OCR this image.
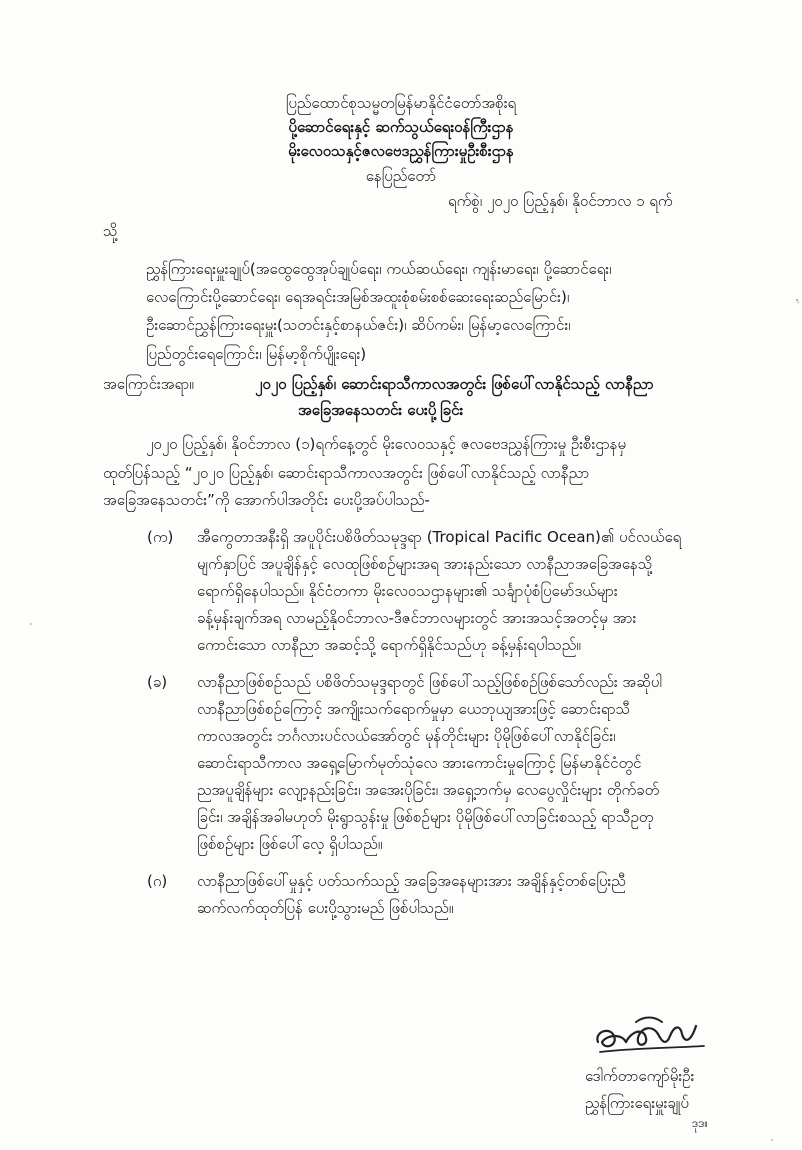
ပြည်ထောင်စုသမ္မတမြန်မာနိုင်ငံတော်အစိုးရ
ပို့ဆောင်ရေးနှင့် ဆက်သွယ်ရေးဝန်ကြီးဌာန
မိုးလေဝသနှင့်ဇလဗေဒညွှန်ကြားမှုဦးစီးဌာန
နေပြည်တော်
ရက်စွဲ၊ ၂၀၂၀ ပြည့်နှစ်၊ နိုဝင်ဘာလ ၁ ရက်
သို့
ညွှန်ကြားရေးမှူးချုပ်(အထွေထွေအုပ်ချုပ်ရေး၊ ကယ်ဆယ်ရေး၊ ကျန်းမာရေး၊ ပို့ဆောင်ရေး၊
လေကြောင်းပို့ဆောင်ရေး၊ ရေအရင်းအမြစ်အထူးစုံစမ်းစစ်ဆေးရေးဆည်မြောင်း)၊
ဦးဆောင်ညွှန်ကြားရေးမှူး(သတင်းနှင့်စာနယ်ဇင်း)၊ ဆိပ်ကမ်း၊ မြန်မာ့လေကြောင်း၊
ပြည်တွင်းရေကြောင်း၊ မြန်မာ့စိုက်ပျိုးရေး)
အကြောင်းအရာ။	၂၀၂၀ ပြည့်နှစ်၊ ဆောင်းရာသီကာလအတွင်း ဖြစ်ပေါ်လာနိုင်သည့် လာနီညာ
အခြေအနေသတင်း ပေးပို့ခြင်း
၂၀၂၀ ပြည့်နှစ်၊ နိုဝင်ဘာလ (၁)ရက်နေ့တွင် မိုးလေဝသနှင့် ဇလဗေဒညွှန်ကြားမှု ဦးစီးဌာနမှ
ထုတ်ပြန်သည့် “၂၀၂၀ ပြည့်နှစ်၊ ဆောင်းရာသီကာလအတွင်း ဖြစ်ပေါ်လာနိုင်သည့် လာနီညာ
အခြေအနေသတင်း”ကို အောက်ပါအတိုင်း ပေးပို့အပ်ပါသည်-
(က) အီကွေတာအနီးရှိ အပူပိုင်းပစိဖိတ်သမုဒ္ဒရာ (Tropical Pacific Ocean)၏ ပင်လယ်ရေ
မျက်နှာပြင် အပူချိန်နှင့် လေထုဖြစ်စဉ်များအရ အားနည်းသော လာနီညာအခြေအနေသို့
ရောက်ရှိနေပါသည်။ နိုင်ငံတကာ မိုးလေဝသဌာနများ၏ သင်္ချာပုံစံပြမော်ဒယ်များ
ခန့်မှန်းချက်အရ လာမည့်နိုဝင်ဘာလ-ဒီဇင်ဘာလများတွင် အားအသင့်အတင့်မှ အား
ကောင်းသော လာနီညာ အဆင့်သို့ ရောက်ရှိနိုင်သည်ဟု ခန့်မှန်းရပါသည်။
(ခ) လာနီညာဖြစ်စဉ်သည် ပစိဖိတ်သမုဒ္ဒရာတွင် ဖြစ်ပေါ်သည့်ဖြစ်စဉ်ဖြစ်သော်လည်း အဆိုပါ
လာနီညာဖြစ်စဉ်ကြောင့် အကျိုးသက်ရောက်မှုမှာ ယေဘုယျအားဖြင့် ဆောင်းရာသီ
ကာလအတွင်း ဘင်္ဂလားပင်လယ်အော်တွင် မုန်တိုင်းများ ပိုမိုဖြစ်ပေါ်လာနိုင်ခြင်း၊
ဆောင်းရာသီကာလ အရှေ့မြောက်မုတ်သုံလေ အားကောင်းမှုကြောင့် မြန်မာနိုင်ငံတွင်
ညအပူချိန်များ လျော့နည်းခြင်း၊ အအေးပိုခြင်း၊ အရှေ့ဘက်မှ လေပွေလှိုင်းများ တိုက်ခတ်
ခြင်း၊ အချိန်အခါမဟုတ် မိုးရွာသွန်းမှု ဖြစ်စဉ်များ ပိုမိုဖြစ်ပေါ်လာခြင်းစသည့် ရာသီဥတု
ဖြစ်စဉ်များ ဖြစ်ပေါ်လေ့ ရှိပါသည်။
(ဂ) လာနီညာဖြစ်ပေါ်မှုနှင့် ပတ်သက်သည့် အခြေအနေများအား အချိန်နှင့်တစ်ပြေးညီ
ဆက်လက်ထုတ်ပြန် ပေးပို့သွားမည် ဖြစ်ပါသည်။
ဒေါက်တာကျော်မိုးဦး
ညွှန်ကြားရေးမှူးချုပ်
ဒုဒ။
